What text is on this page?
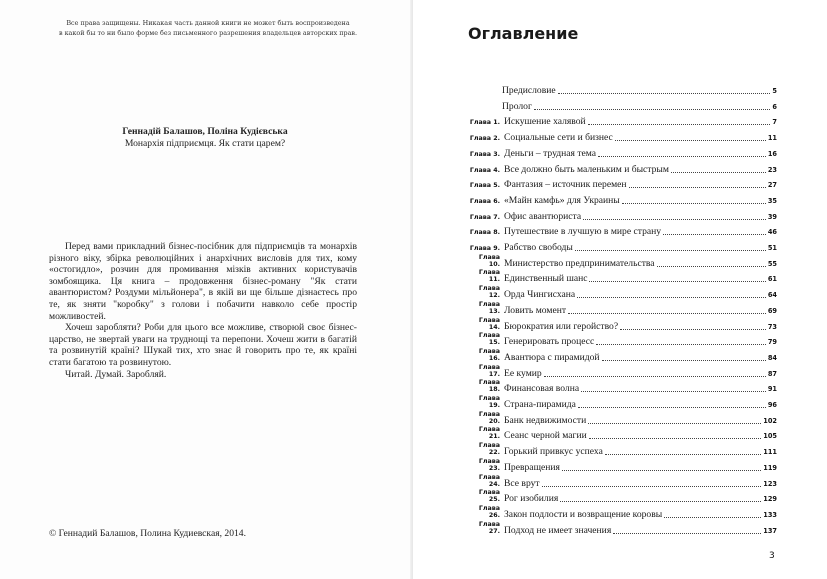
Все права защищены. Никакая часть данной книги не может быть воспроизведена
в какой бы то ни было форме без письменного разрешения владельцев авторских прав.
Геннадій Балашов, Поліна Кудієвська
Монархія підприємця. Як стати царем?

Перед вами прикладний бізнес-посібник для підприємців та монархів різного віку, збірка революційних і анархічних висловів для тих, кому «остогидло», розчин для промивання мізків активних користувачів зомбоящика. Ця книга – продовження бізнес-роману "Як стати авантюристом? Роздуми мільйонера", в якій ви ще більше дізнаєтесь про те, як зняти "коробку" з голови і побачити навколо себе простір можливостей.

Хочеш заробляти? Роби для цього все можливе, створюй своє бізнес-царство, не звертай уваги на труднощі та перепони. Хочеш жити в багатій та розвинутій країні? Шукай тих, хто знає й говорить про те, як країні стати багатою та розвинутою.

Читай. Думай. Заробляй.

© Геннадий Балашов, Полина Кудиевская, 2014.
Оглавление
Предисловие	5
Пролог	6
Глава 1. Искушение халявой	7
Глава 2. Социальные сети и бизнес	11
Глава 3. Деньги – трудная тема	16
Глава 4. Все должно быть маленьким и быстрым	23
Глава 5. Фантазия – источник перемен	27
Глава 6. «Майн камфь» для Украины	35
Глава 7. Офис авантюриста	39
Глава 8. Путешествие в лучшую в мире страну	46
Глава 9. Рабство свободы	51
Глава 10. Министерство предпринимательства	55
Глава 11. Единственный шанс	61
Глава 12. Орда Чингисхана	64
Глава 13. Ловить момент	69
Глава 14. Бюрократия или геройство?	73
Глава 15. Генерировать процесс	79
Глава 16. Авантюра с пирамидой	84
Глава 17. Ее кумир	87
Глава 18. Финансовая волна	91
Глава 19. Страна-пирамида	96
Глава 20. Банк недвижимости	102
Глава 21. Сеанс черной магии	105
Глава 22. Горький привкус успеха	111
Глава 23. Превращения	119
Глава 24. Все врут	123
Глава 25. Рог изобилия	129
Глава 26. Закон подлости и возвращение коровы	133
Глава 27. Подход не имеет значения	137
3
